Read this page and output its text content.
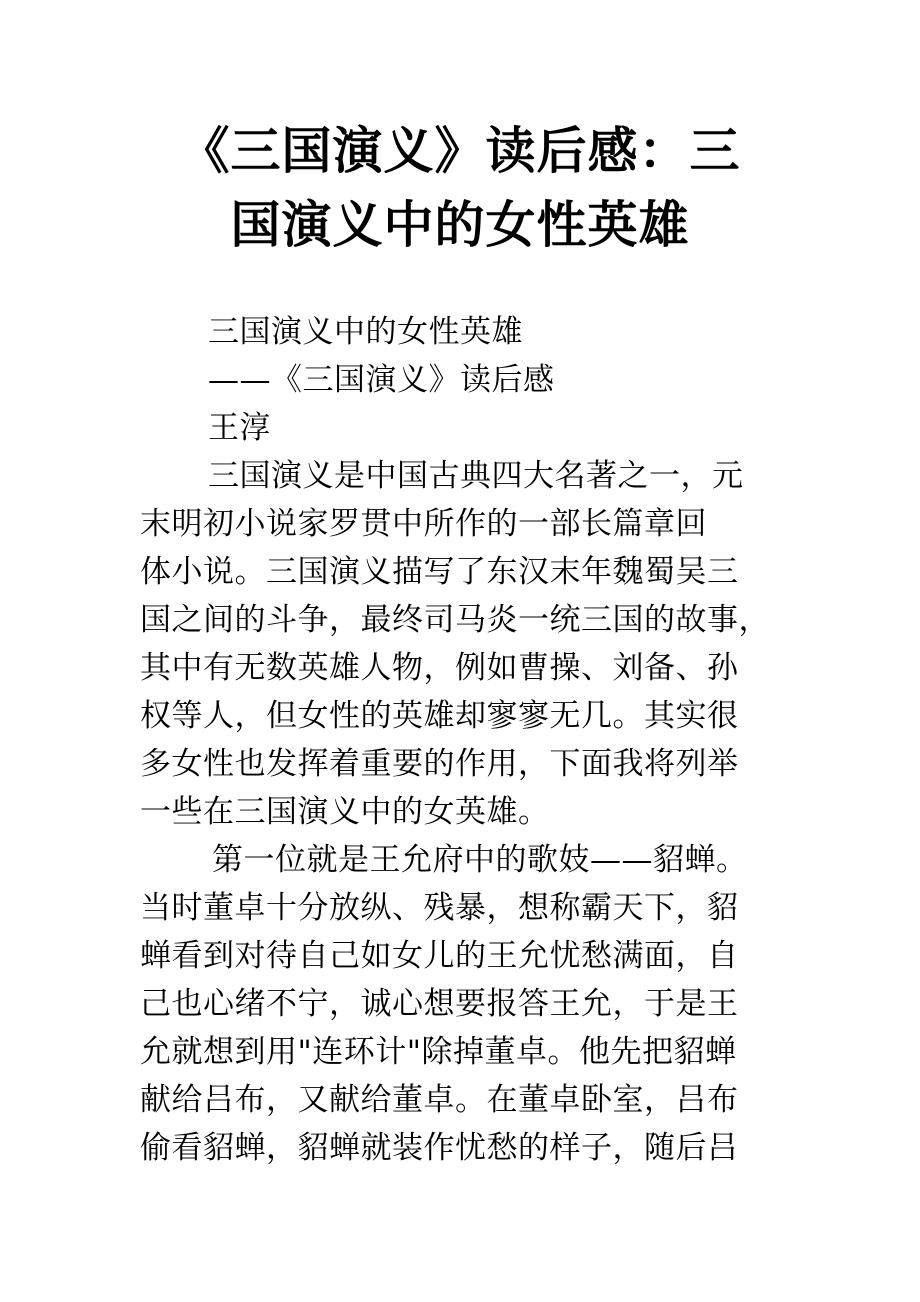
《三国演义》读后感：三
国演义中的女性英雄
三国演义中的女性英雄
——《三国演义》读后感
王淳
三国演义是中国古典四大名著之一，元
末明初小说家罗贯中所作的一部长篇章回
体小说。三国演义描写了东汉末年魏蜀吴三
国之间的斗争，最终司马炎一统三国的故事，
其中有无数英雄人物，例如曹操、刘备、孙
权等人，但女性的英雄却寥寥无几。其实很
多女性也发挥着重要的作用，下面我将列举
一些在三国演义中的女英雄。
第一位就是王允府中的歌妓——貂蝉。
当时董卓十分放纵、残暴，想称霸天下，貂
蝉看到对待自己如女儿的王允忧愁满面，自
己也心绪不宁，诚心想要报答王允，于是王
允就想到用"连环计"除掉董卓。他先把貂蝉
献给吕布，又献给董卓。在董卓卧室，吕布
偷看貂蝉，貂蝉就装作忧愁的样子，随后吕
